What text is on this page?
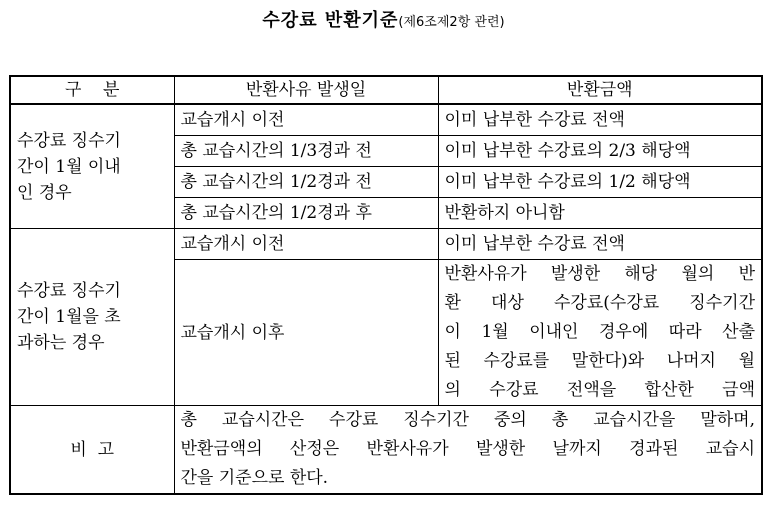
수강료 반환기준(제6조제2항 관련)
구    분	반환사유 발생일	반환금액

수강료 징수기
간이 1월 이내
인 경우	교습개시 이전	이미 납부한 수강료 전액
	총 교습시간의 1/3경과 전	이미 납부한 수강료의 2/3 해당액
	총 교습시간의 1/2경과 전	이미 납부한 수강료의 1/2 해당액
	총 교습시간의 1/2경과 후	반환하지 아니함

수강료 징수기
간이 1월을 초
과하는 경우	교습개시 이전	이미 납부한 수강료 전액
	교습개시 이후	반환사유가 발생한 해당 월의 반
환 대상 수강료(수강료 징수기간
이 1월 이내인 경우에 따라 산출
된 수강료를 말한다)와 나머지 월
의 수강료 전액을 합산한 금액

비  고	총 교습시간은 수강료 징수기간 중의 총 교습시간을 말하며,
반환금액의 산정은 반환사유가 발생한 날까지 경과된 교습시
간을 기준으로 한다.	
